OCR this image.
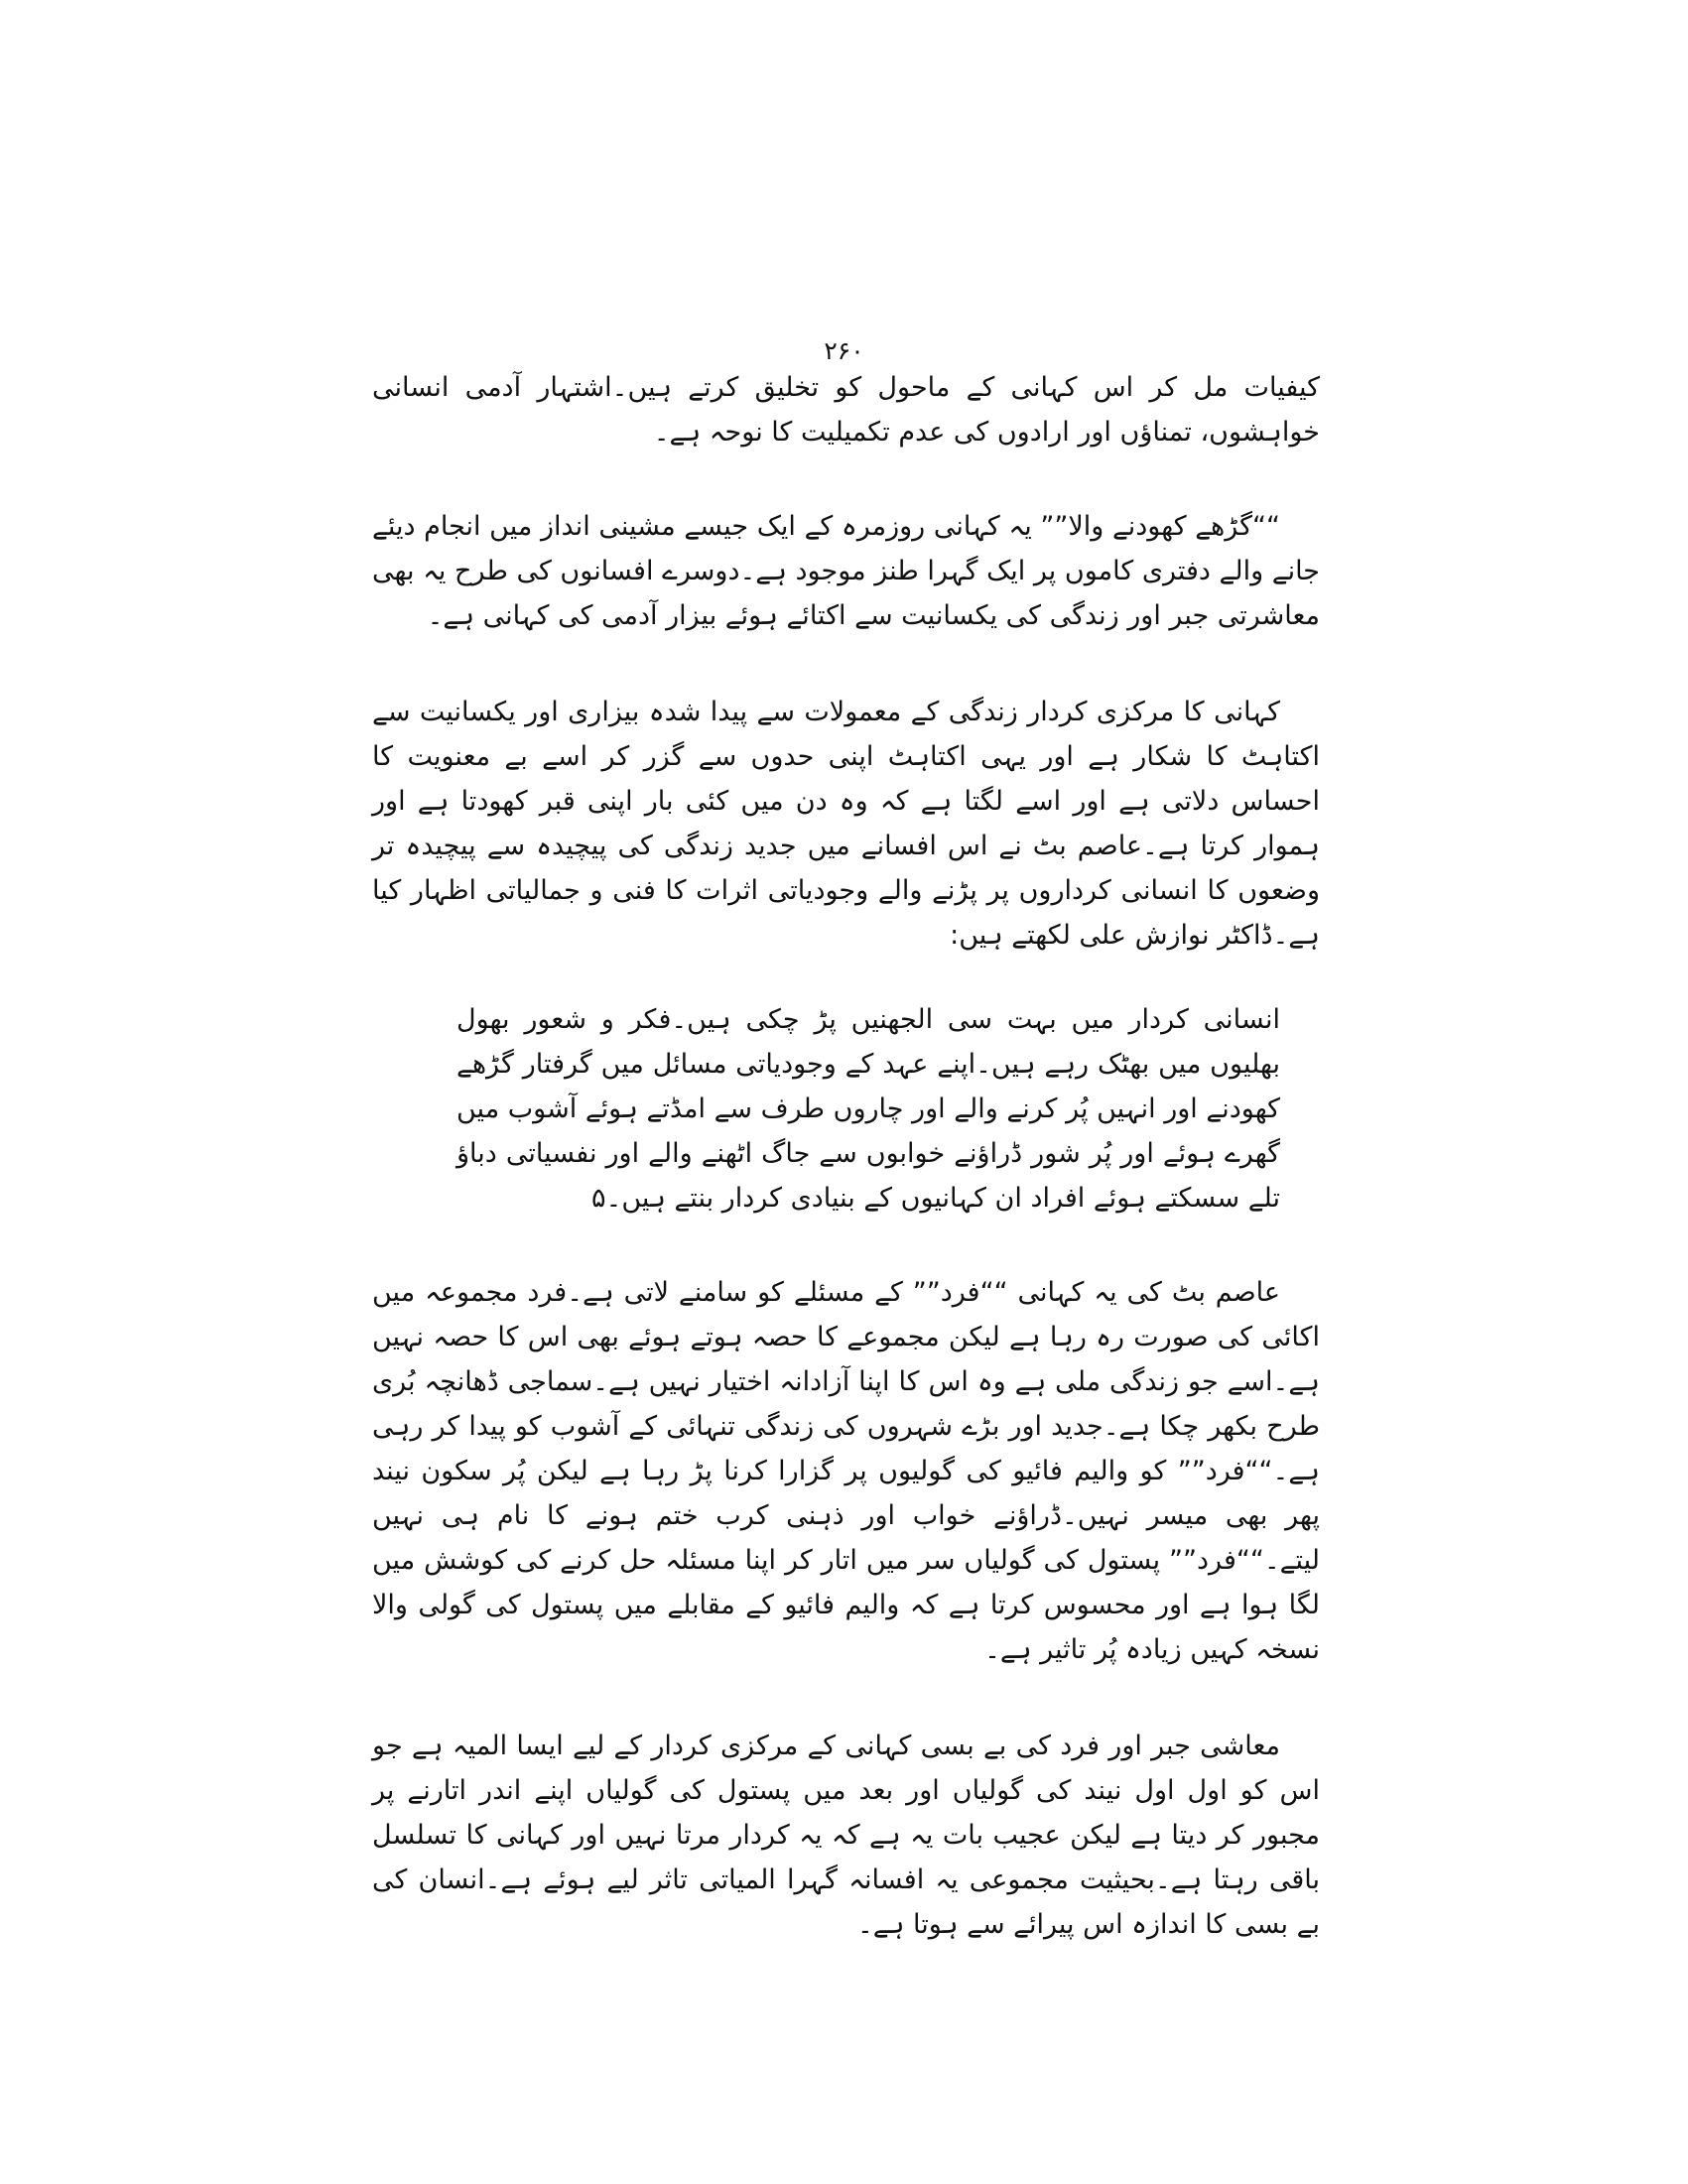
۲۶۰

کیفیات مل کر اس کہانی کے ماحول کو تخلیق کرتے ہیں۔اشتہار آدمی انسانی خواہشوں، تمناؤں اور ارادوں کی عدم تکمیلیت کا نوحہ ہے۔

““گڑھے کھودنے والا”” یہ کہانی روزمرہ کے ایک جیسے مشینی انداز میں انجام دیئے جانے والے دفتری کاموں پر ایک گہرا طنز موجود ہے۔دوسرے افسانوں کی طرح یہ بھی معاشرتی جبر اور زندگی کی یکسانیت سے اکتائے ہوئے بیزار آدمی کی کہانی ہے۔

کہانی کا مرکزی کردار زندگی کے معمولات سے پیدا شدہ بیزاری اور یکسانیت سے اکتاہٹ کا شکار ہے اور یہی اکتاہٹ اپنی حدوں سے گزر کر اسے بے معنویت کا احساس دلاتی ہے اور اسے لگتا ہے کہ وہ دن میں کئی بار اپنی قبر کھودتا ہے اور ہموار کرتا ہے۔عاصم بٹ نے اس افسانے میں جدید زندگی کی پیچیدہ سے پیچیدہ تر وضعوں کا انسانی کرداروں پر پڑنے والے وجودیاتی اثرات کا فنی و جمالیاتی اظہار کیا ہے۔ڈاکٹر نوازش علی لکھتے ہیں:

انسانی کردار میں بہت سی الجھنیں پڑ چکی ہیں۔فکر و شعور بھول بھلیوں میں بھٹک رہے ہیں۔اپنے عہد کے وجودیاتی مسائل میں گرفتار گڑھے کھودنے اور انہیں پُر کرنے والے اور چاروں طرف سے امڈتے ہوئے آشوب میں گھرے ہوئے اور پُر شور ڈراؤنے خوابوں سے جاگ اٹھنے والے اور نفسیاتی دباؤ تلے سسکتے ہوئے افراد ان کہانیوں کے بنیادی کردار بنتے ہیں۔۵

عاصم بٹ کی یہ کہانی ““فرد”” کے مسئلے کو سامنے لاتی ہے۔فرد مجموعہ میں اکائی کی صورت رہ رہا ہے لیکن مجموعے کا حصہ ہوتے ہوئے بھی اس کا حصہ نہیں ہے۔اسے جو زندگی ملی ہے وہ اس کا اپنا آزادانہ اختیار نہیں ہے۔سماجی ڈھانچہ بُری طرح بکھر چکا ہے۔جدید اور بڑے شہروں کی زندگی تنہائی کے آشوب کو پیدا کر رہی ہے۔““فرد”” کو والیم فائیو کی گولیوں پر گزارا کرنا پڑ رہا ہے لیکن پُر سکون نیند پھر بھی میسر نہیں۔ڈراؤنے خواب اور ذہنی کرب ختم ہونے کا نام ہی نہیں لیتے۔““فرد”” پستول کی گولیاں سر میں اتار کر اپنا مسئلہ حل کرنے کی کوشش میں لگا ہوا ہے اور محسوس کرتا ہے کہ والیم فائیو کے مقابلے میں پستول کی گولی والا نسخہ کہیں زیادہ پُر تاثیر ہے۔

معاشی جبر اور فرد کی بے بسی کہانی کے مرکزی کردار کے لیے ایسا المیہ ہے جو اس کو اول اول نیند کی گولیاں اور بعد میں پستول کی گولیاں اپنے اندر اتارنے پر مجبور کر دیتا ہے لیکن عجیب بات یہ ہے کہ یہ کردار مرتا نہیں اور کہانی کا تسلسل باقی رہتا ہے۔بحیثیت مجموعی یہ افسانہ گہرا المیاتی تاثر لیے ہوئے ہے۔انسان کی بے بسی کا اندازہ اس پیرائے سے ہوتا ہے۔
